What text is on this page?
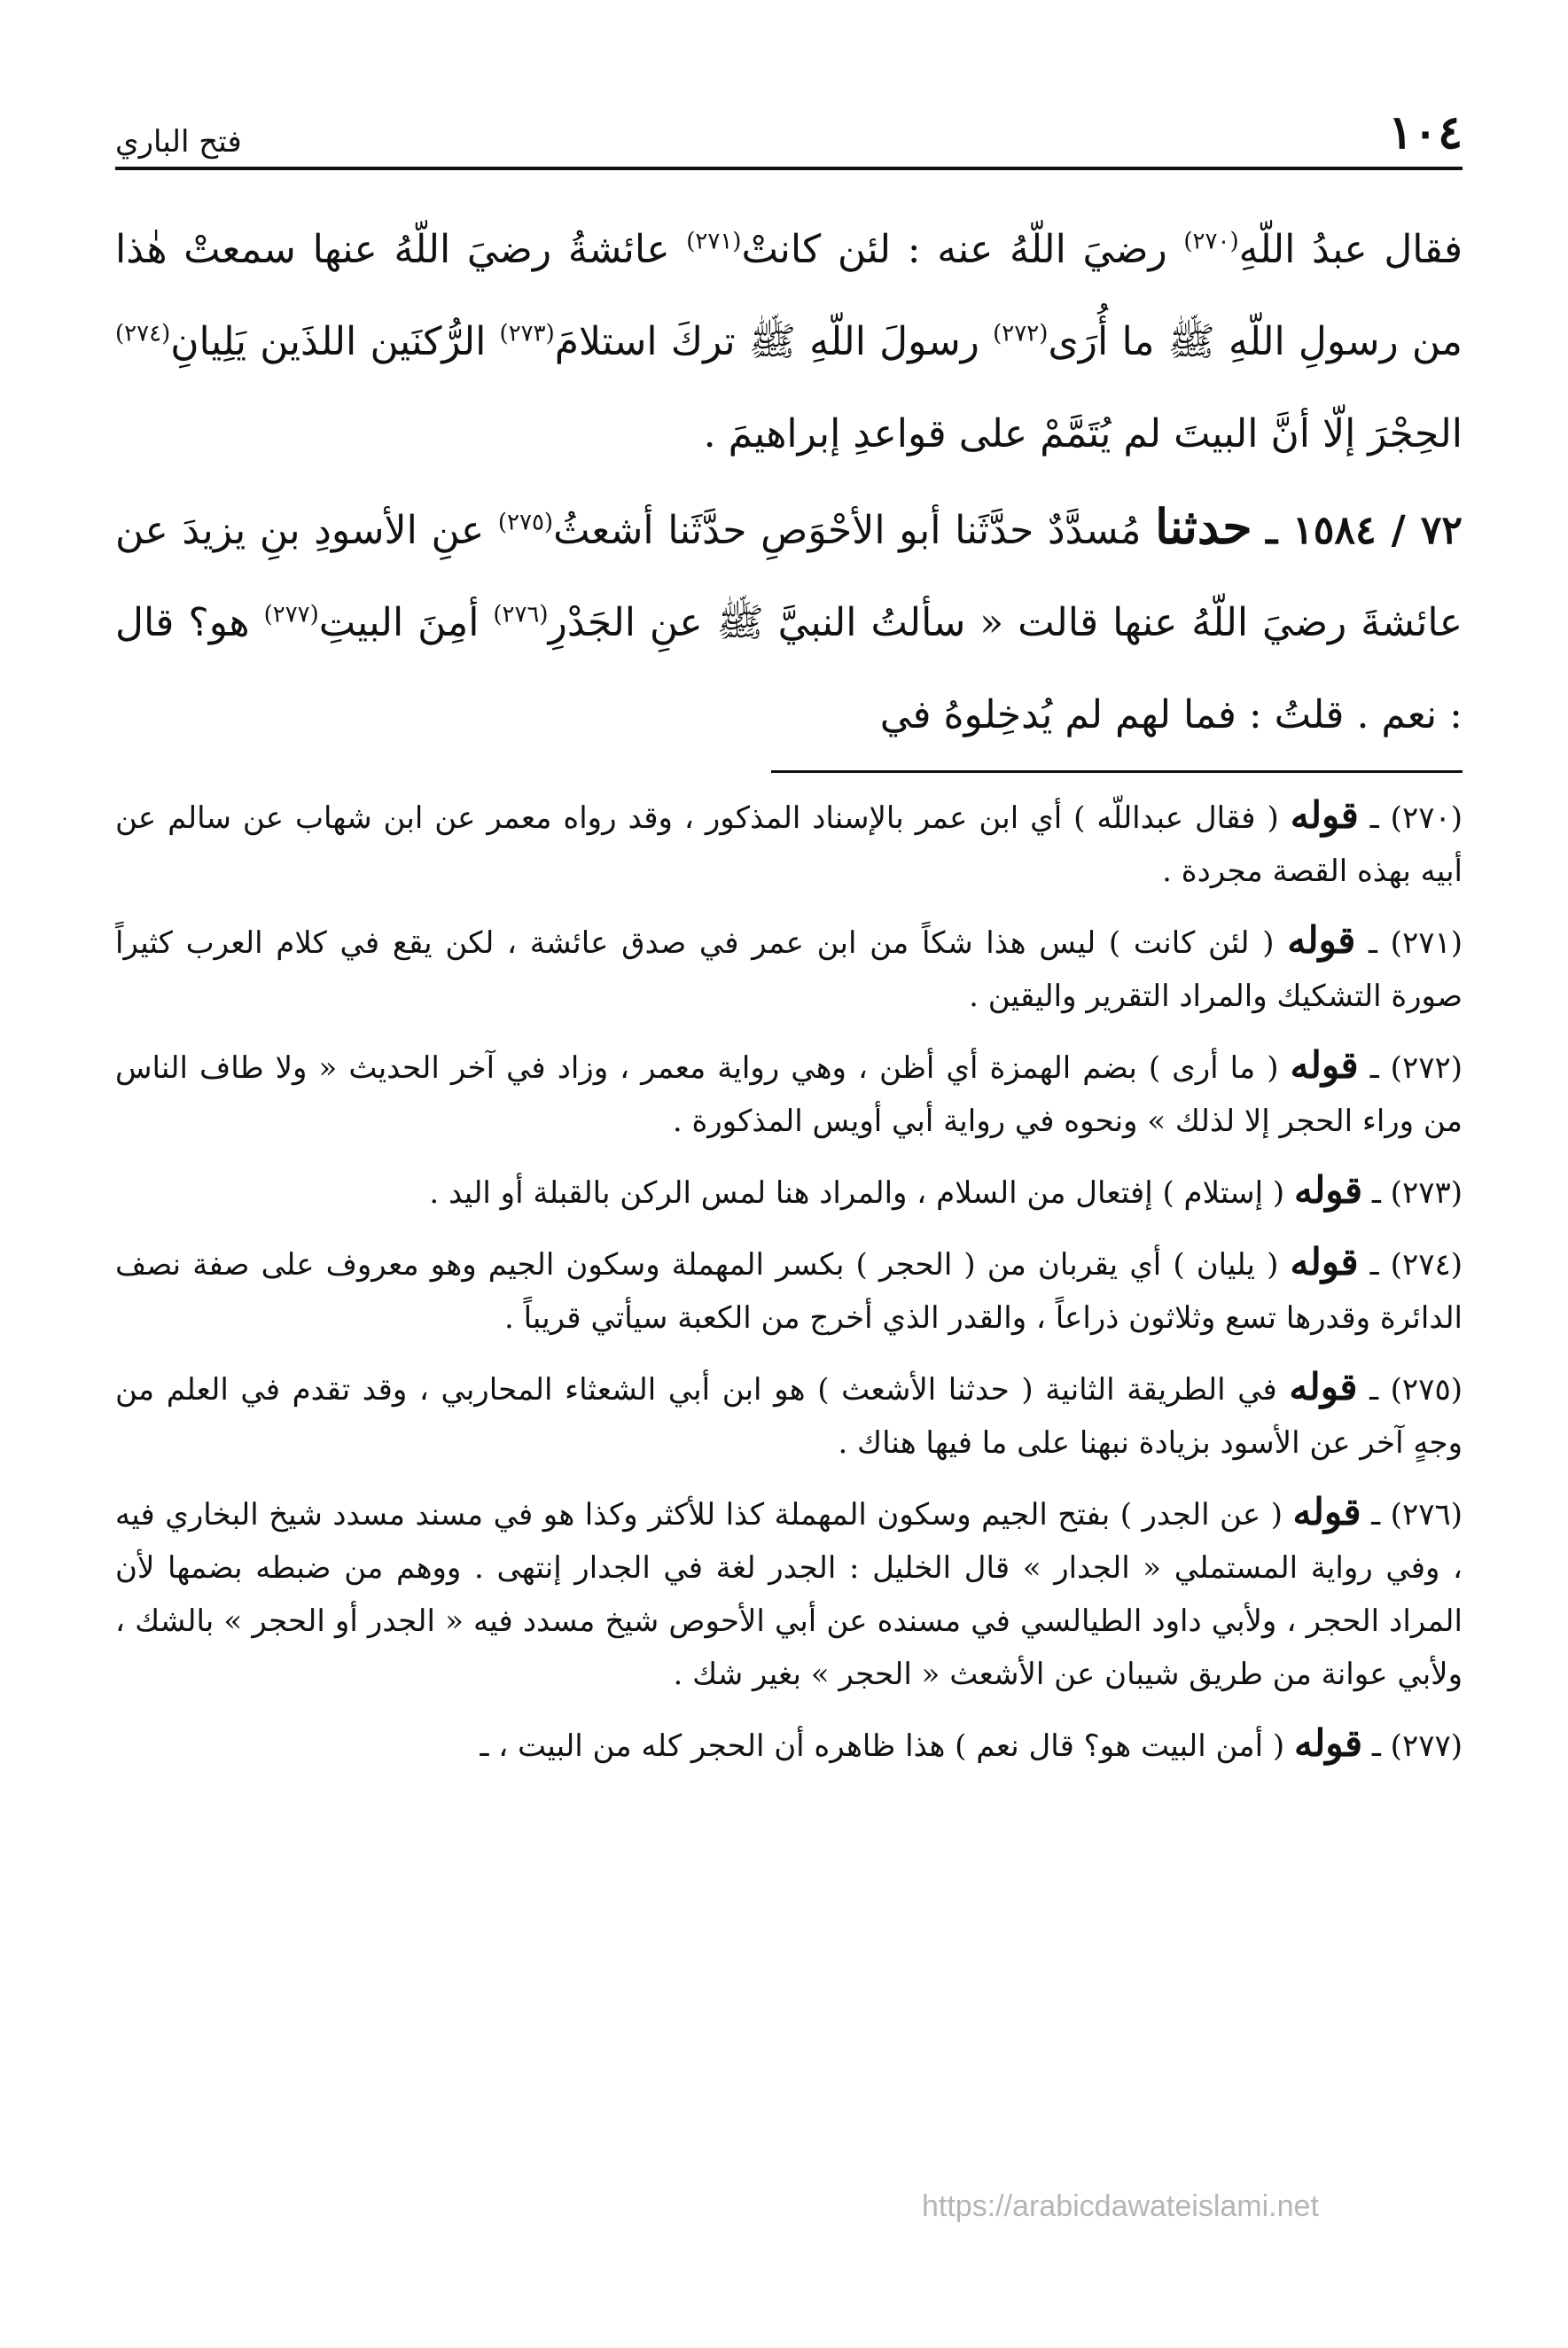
١٠٤
فتح الباري

فقال عبدُ اللّهِ$^{(٢٧٠)}$ رضيَ اللّهُ عنه : لئن كانتْ$^{(٢٧١)}$ عائشةُ رضيَ اللّهُ عنها سمعتْ هٰذا من رسولِ اللّهِ ﷺ ما أُرَى$^{(٢٧٢)}$ رسولَ اللّهِ ﷺ تركَ استلامَ$^{(٢٧٣)}$ الرُّكنَين اللذَين يَلِيانِ$^{(٢٧٤)}$ الحِجْرَ إلّا أنَّ البيتَ لم يُتَمَّمْ على قواعدِ إبراهيمَ .

٧٢ / ١٥٨٤ ـ حدثنا مُسدَّدٌ حدَّثَنا أبو الأحْوَصِ حدَّثَنا أشعثُ$^{(٢٧٥)}$ عنِ الأسودِ بنِ يزيدَ عن عائشةَ رضيَ اللّهُ عنها قالت « سألتُ النبيَّ ﷺ عنِ الجَدْرِ$^{(٢٧٦)}$ أمِنَ البيتِ$^{(٢٧٧)}$ هو؟ قال : نعم . قلتُ : فما لهم لم يُدخِلوهُ في

(٢٧٠) ـ قوله ( فقال عبداللّه ) أي ابن عمر بالإسناد المذكور ، وقد رواه معمر عن ابن شهاب عن سالم عن أبيه بهذه القصة مجردة .

(٢٧١) ـ قوله ( لئن كانت ) ليس هذا شكاً من ابن عمر في صدق عائشة ، لكن يقع في كلام العرب كثيراً صورة التشكيك والمراد التقرير واليقين .

(٢٧٢) ـ قوله ( ما أرى ) بضم الهمزة أي أظن ، وهي رواية معمر ، وزاد في آخر الحديث « ولا طاف الناس من وراء الحجر إلا لذلك » ونحوه في رواية أبي أويس المذكورة .

(٢٧٣) ـ قوله ( إستلام ) إفتعال من السلام ، والمراد هنا لمس الركن بالقبلة أو اليد .

(٢٧٤) ـ قوله ( يليان ) أي يقربان من ( الحجر ) بكسر المهملة وسكون الجيم وهو معروف على صفة نصف الدائرة وقدرها تسع وثلاثون ذراعاً ، والقدر الذي أخرج من الكعبة سيأتي قريباً .

(٢٧٥) ـ قوله في الطريقة الثانية ( حدثنا الأشعث ) هو ابن أبي الشعثاء المحاربي ، وقد تقدم في العلم من وجهٍ آخر عن الأسود بزيادة نبهنا على ما فيها هناك .

(٢٧٦) ـ قوله ( عن الجدر ) بفتح الجيم وسكون المهملة كذا للأكثر وكذا هو في مسند مسدد شيخ البخاري فيه ، وفي رواية المستملي « الجدار » قال الخليل : الجدر لغة في الجدار إنتهى . ووهم من ضبطه بضمها لأن المراد الحجر ، ولأبي داود الطيالسي في مسنده عن أبي الأحوص شيخ مسدد فيه « الجدر أو الحجر » بالشك ، ولأبي عوانة من طريق شيبان عن الأشعث « الحجر » بغير شك .

(٢٧٧) ـ قوله ( أمن البيت هو؟ قال نعم ) هذا ظاهره أن الحجر كله من البيت ، ـ

https://arabicdawateislami.net
